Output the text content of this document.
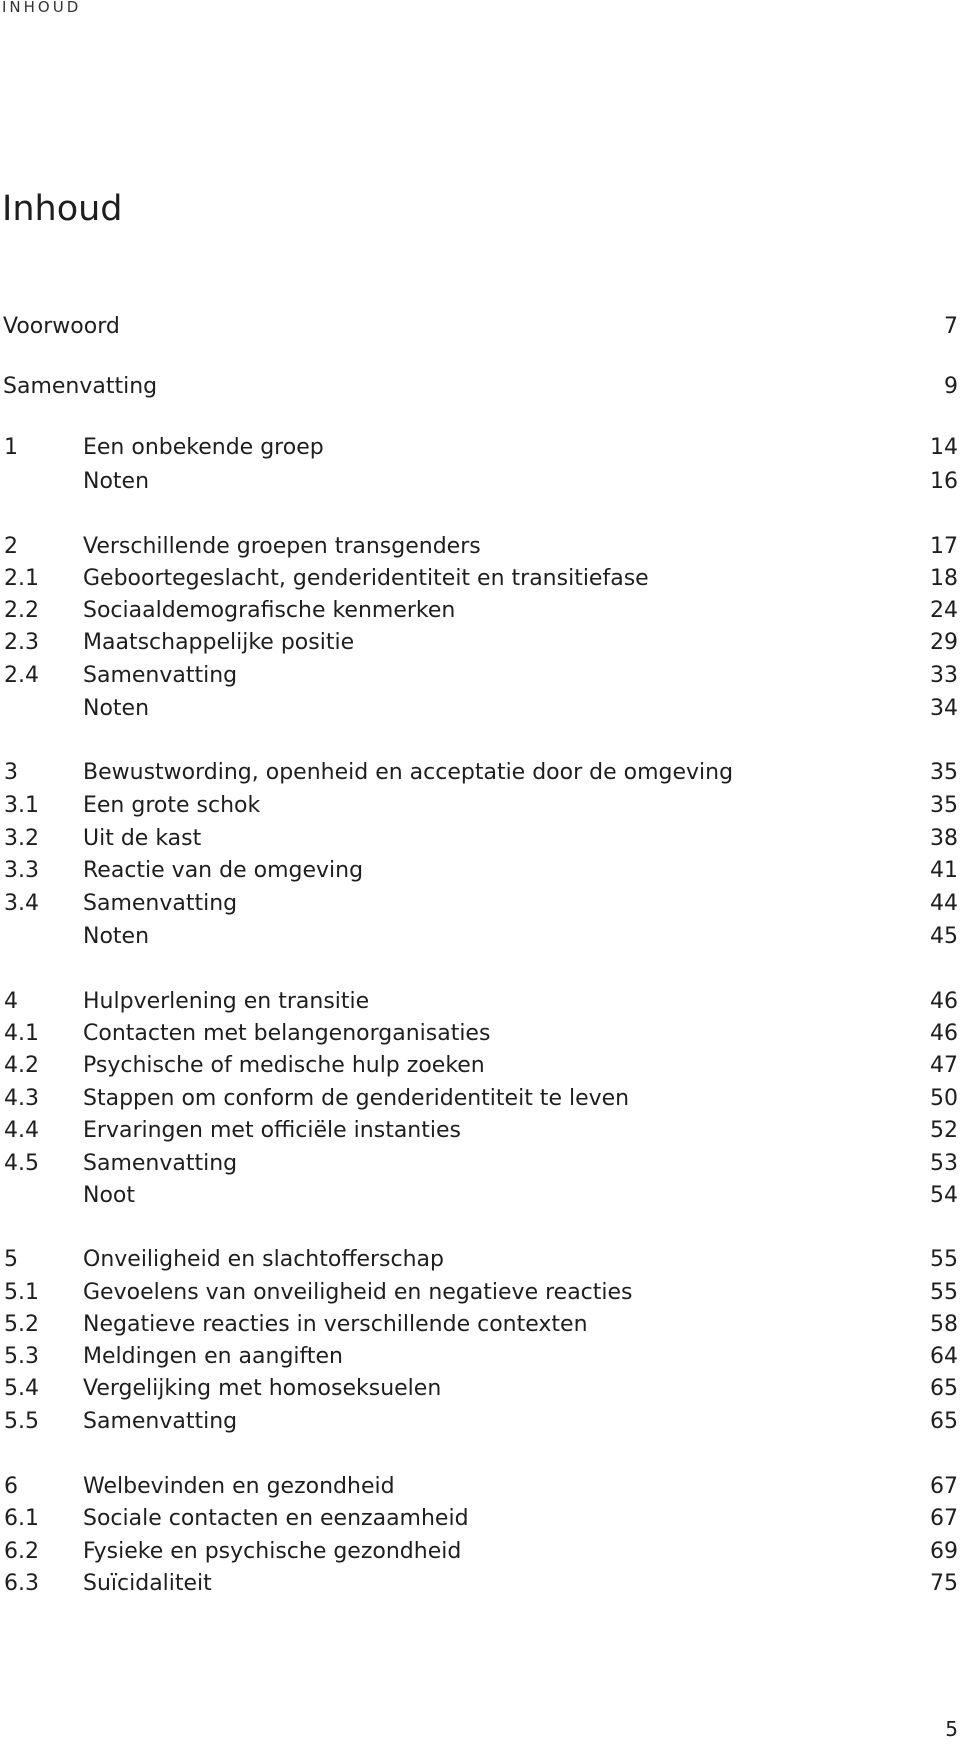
INHOUD
Inhoud
Voorwoord	7
Samenvatting	9
1	Een onbekende groep	14
Noten	16
2	Verschillende groepen transgenders	17
2.1 Geboortegeslacht, genderidentiteit en transitiefase	18
2.2 Sociaaldemografische kenmerken	24
2.3 Maatschappelijke positie	29
2.4 Samenvatting	33
Noten	34
3	Bewustwording, openheid en acceptatie door de omgeving	35
3.1 Een grote schok	35
3.2 Uit de kast	38
3.3 Reactie van de omgeving	41
3.4 Samenvatting	44
Noten	45
4	Hulpverlening en transitie	46
4.1 Contacten met belangenorganisaties	46
4.2 Psychische of medische hulp zoeken	47
4.3 Stappen om conform de genderidentiteit te leven	50
4.4 Ervaringen met officiële instanties	52
4.5 Samenvatting	53
Noot	54
5	Onveiligheid en slachtofferschap	55
5.1 Gevoelens van onveiligheid en negatieve reacties	55
5.2 Negatieve reacties in verschillende contexten	58
5.3 Meldingen en aangiften	64
5.4 Vergelijking met homoseksuelen	65
5.5 Samenvatting	65
6	Welbevinden en gezondheid	67
6.1 Sociale contacten en eenzaamheid	67
6.2 Fysieke en psychische gezondheid	69
6.3 Suïcidaliteit	75
5
